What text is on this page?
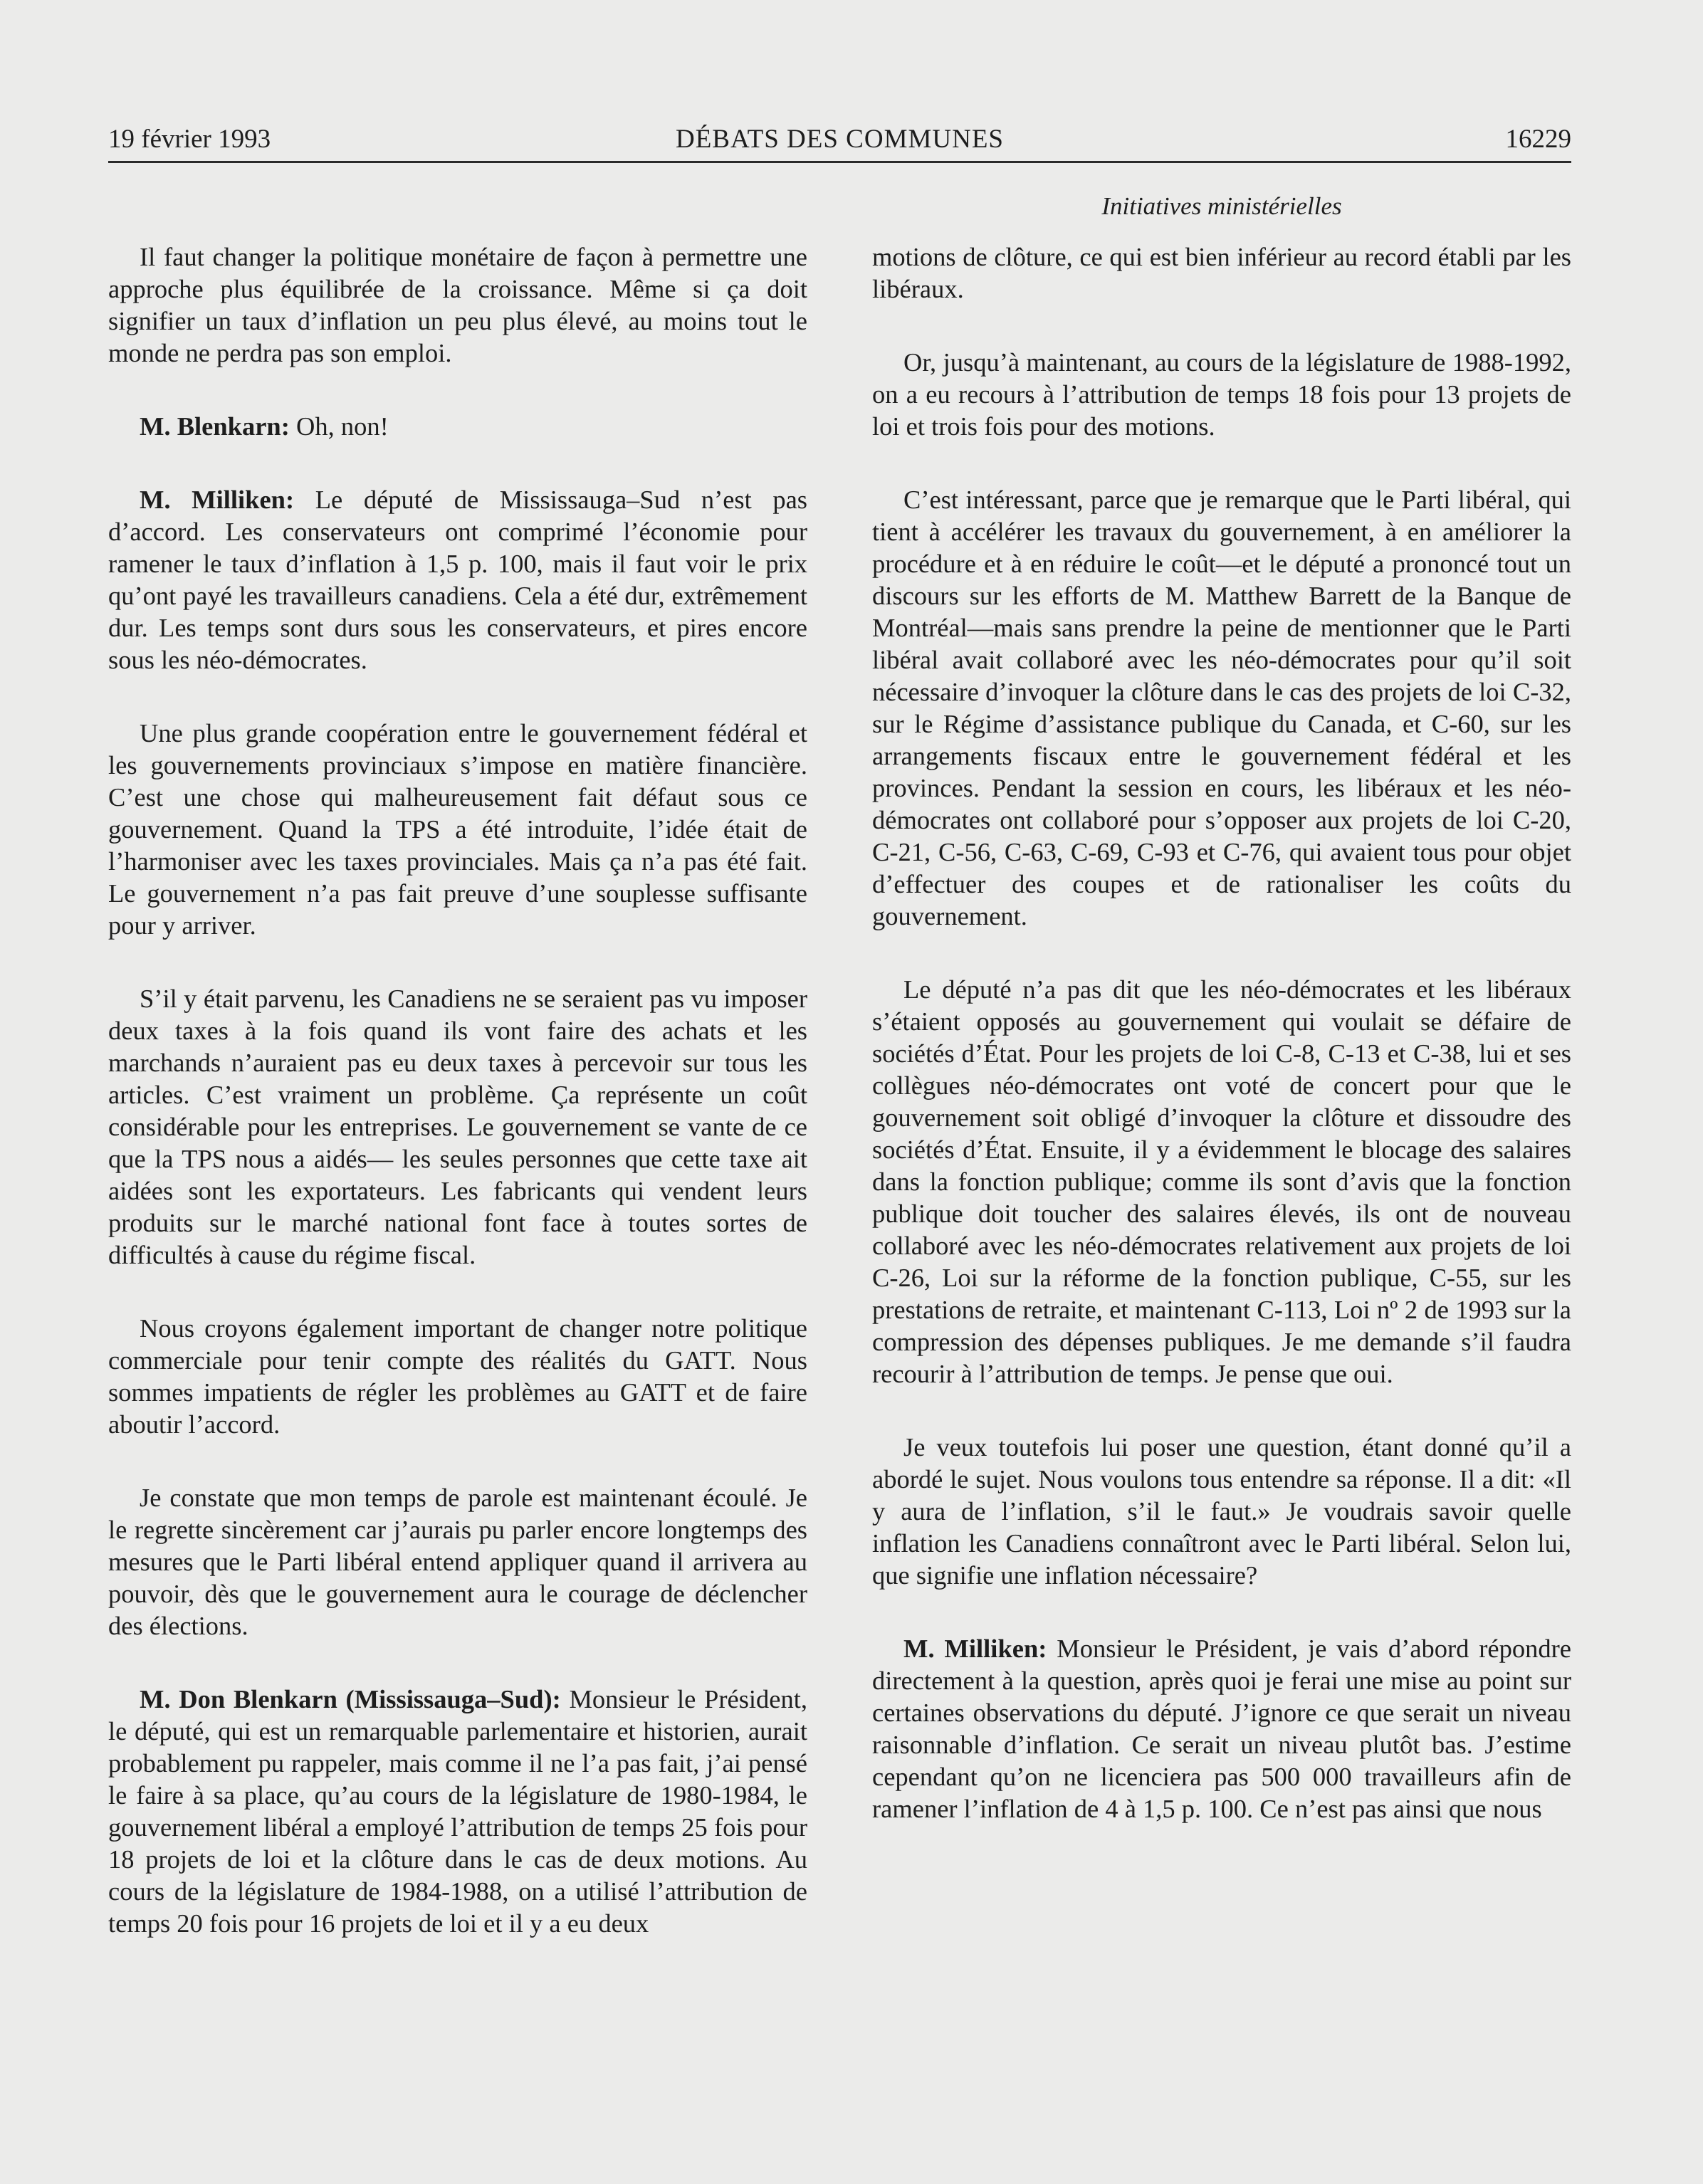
19 février 1993	DÉBATS DES COMMUNES	16229
Initiatives ministérielles

Il faut changer la politique monétaire de façon à permettre une approche plus équilibrée de la croissance. Même si ça doit signifier un taux d’inflation un peu plus élevé, au moins tout le monde ne perdra pas son emploi.

M. Blenkarn: Oh, non!

M. Milliken: Le député de Mississauga–Sud n’est pas d’accord. Les conservateurs ont comprimé l’économie pour ramener le taux d’inflation à 1,5 p. 100, mais il faut voir le prix qu’ont payé les travailleurs canadiens. Cela a été dur, extrêmement dur. Les temps sont durs sous les conservateurs, et pires encore sous les néo-démocrates.

Une plus grande coopération entre le gouvernement fédéral et les gouvernements provinciaux s’impose en matière financière. C’est une chose qui malheureusement fait défaut sous ce gouvernement. Quand la TPS a été introduite, l’idée était de l’harmoniser avec les taxes provinciales. Mais ça n’a pas été fait. Le gouvernement n’a pas fait preuve d’une souplesse suffisante pour y arriver.

S’il y était parvenu, les Canadiens ne se seraient pas vu imposer deux taxes à la fois quand ils vont faire des achats et les marchands n’auraient pas eu deux taxes à percevoir sur tous les articles. C’est vraiment un problème. Ça représente un coût considérable pour les entreprises. Le gouvernement se vante de ce que la TPS nous a aidés— les seules personnes que cette taxe ait aidées sont les exportateurs. Les fabricants qui vendent leurs produits sur le marché national font face à toutes sortes de difficultés à cause du régime fiscal.

Nous croyons également important de changer notre politique commerciale pour tenir compte des réalités du GATT. Nous sommes impatients de régler les problèmes au GATT et de faire aboutir l’accord.

Je constate que mon temps de parole est maintenant écoulé. Je le regrette sincèrement car j’aurais pu parler encore longtemps des mesures que le Parti libéral entend appliquer quand il arrivera au pouvoir, dès que le gouvernement aura le courage de déclencher des élections.

M. Don Blenkarn (Mississauga–Sud): Monsieur le Président, le député, qui est un remarquable parlementaire et historien, aurait probablement pu rappeler, mais comme il ne l’a pas fait, j’ai pensé le faire à sa place, qu’au cours de la législature de 1980-1984, le gouvernement libéral a employé l’attribution de temps 25 fois pour 18 projets de loi et la clôture dans le cas de deux motions. Au cours de la législature de 1984-1988, on a utilisé l’attribution de temps 20 fois pour 16 projets de loi et il y a eu deux

motions de clôture, ce qui est bien inférieur au record établi par les libéraux.

Or, jusqu’à maintenant, au cours de la législature de 1988-1992, on a eu recours à l’attribution de temps 18 fois pour 13 projets de loi et trois fois pour des motions.

C’est intéressant, parce que je remarque que le Parti libéral, qui tient à accélérer les travaux du gouvernement, à en améliorer la procédure et à en réduire le coût—et le député a prononcé tout un discours sur les efforts de M. Matthew Barrett de la Banque de Montréal—mais sans prendre la peine de mentionner que le Parti libéral avait collaboré avec les néo-démocrates pour qu’il soit nécessaire d’invoquer la clôture dans le cas des projets de loi C-32, sur le Régime d’assistance publique du Canada, et C-60, sur les arrangements fiscaux entre le gouvernement fédéral et les provinces. Pendant la session en cours, les libéraux et les néo-démocrates ont collaboré pour s’opposer aux projets de loi C-20, C-21, C-56, C-63, C-69, C-93 et C-76, qui avaient tous pour objet d’effectuer des coupes et de rationaliser les coûts du gouvernement.

Le député n’a pas dit que les néo-démocrates et les libéraux s’étaient opposés au gouvernement qui voulait se défaire de sociétés d’État. Pour les projets de loi C-8, C-13 et C-38, lui et ses collègues néo-démocrates ont voté de concert pour que le gouvernement soit obligé d’invoquer la clôture et dissoudre des sociétés d’État. Ensuite, il y a évidemment le blocage des salaires dans la fonction publique; comme ils sont d’avis que la fonction publique doit toucher des salaires élevés, ils ont de nouveau collaboré avec les néo-démocrates relativement aux projets de loi C-26, Loi sur la réforme de la fonction publique, C-55, sur les prestations de retraite, et maintenant C-113, Loi nº 2 de 1993 sur la compression des dépenses publiques. Je me demande s’il faudra recourir à l’attribution de temps. Je pense que oui.

Je veux toutefois lui poser une question, étant donné qu’il a abordé le sujet. Nous voulons tous entendre sa réponse. Il a dit: «Il y aura de l’inflation, s’il le faut.» Je voudrais savoir quelle inflation les Canadiens connaîtront avec le Parti libéral. Selon lui, que signifie une inflation nécessaire?

M. Milliken: Monsieur le Président, je vais d’abord répondre directement à la question, après quoi je ferai une mise au point sur certaines observations du député. J’ignore ce que serait un niveau raisonnable d’inflation. Ce serait un niveau plutôt bas. J’estime cependant qu’on ne licenciera pas 500 000 travailleurs afin de ramener l’inflation de 4 à 1,5 p. 100. Ce n’est pas ainsi que nous
